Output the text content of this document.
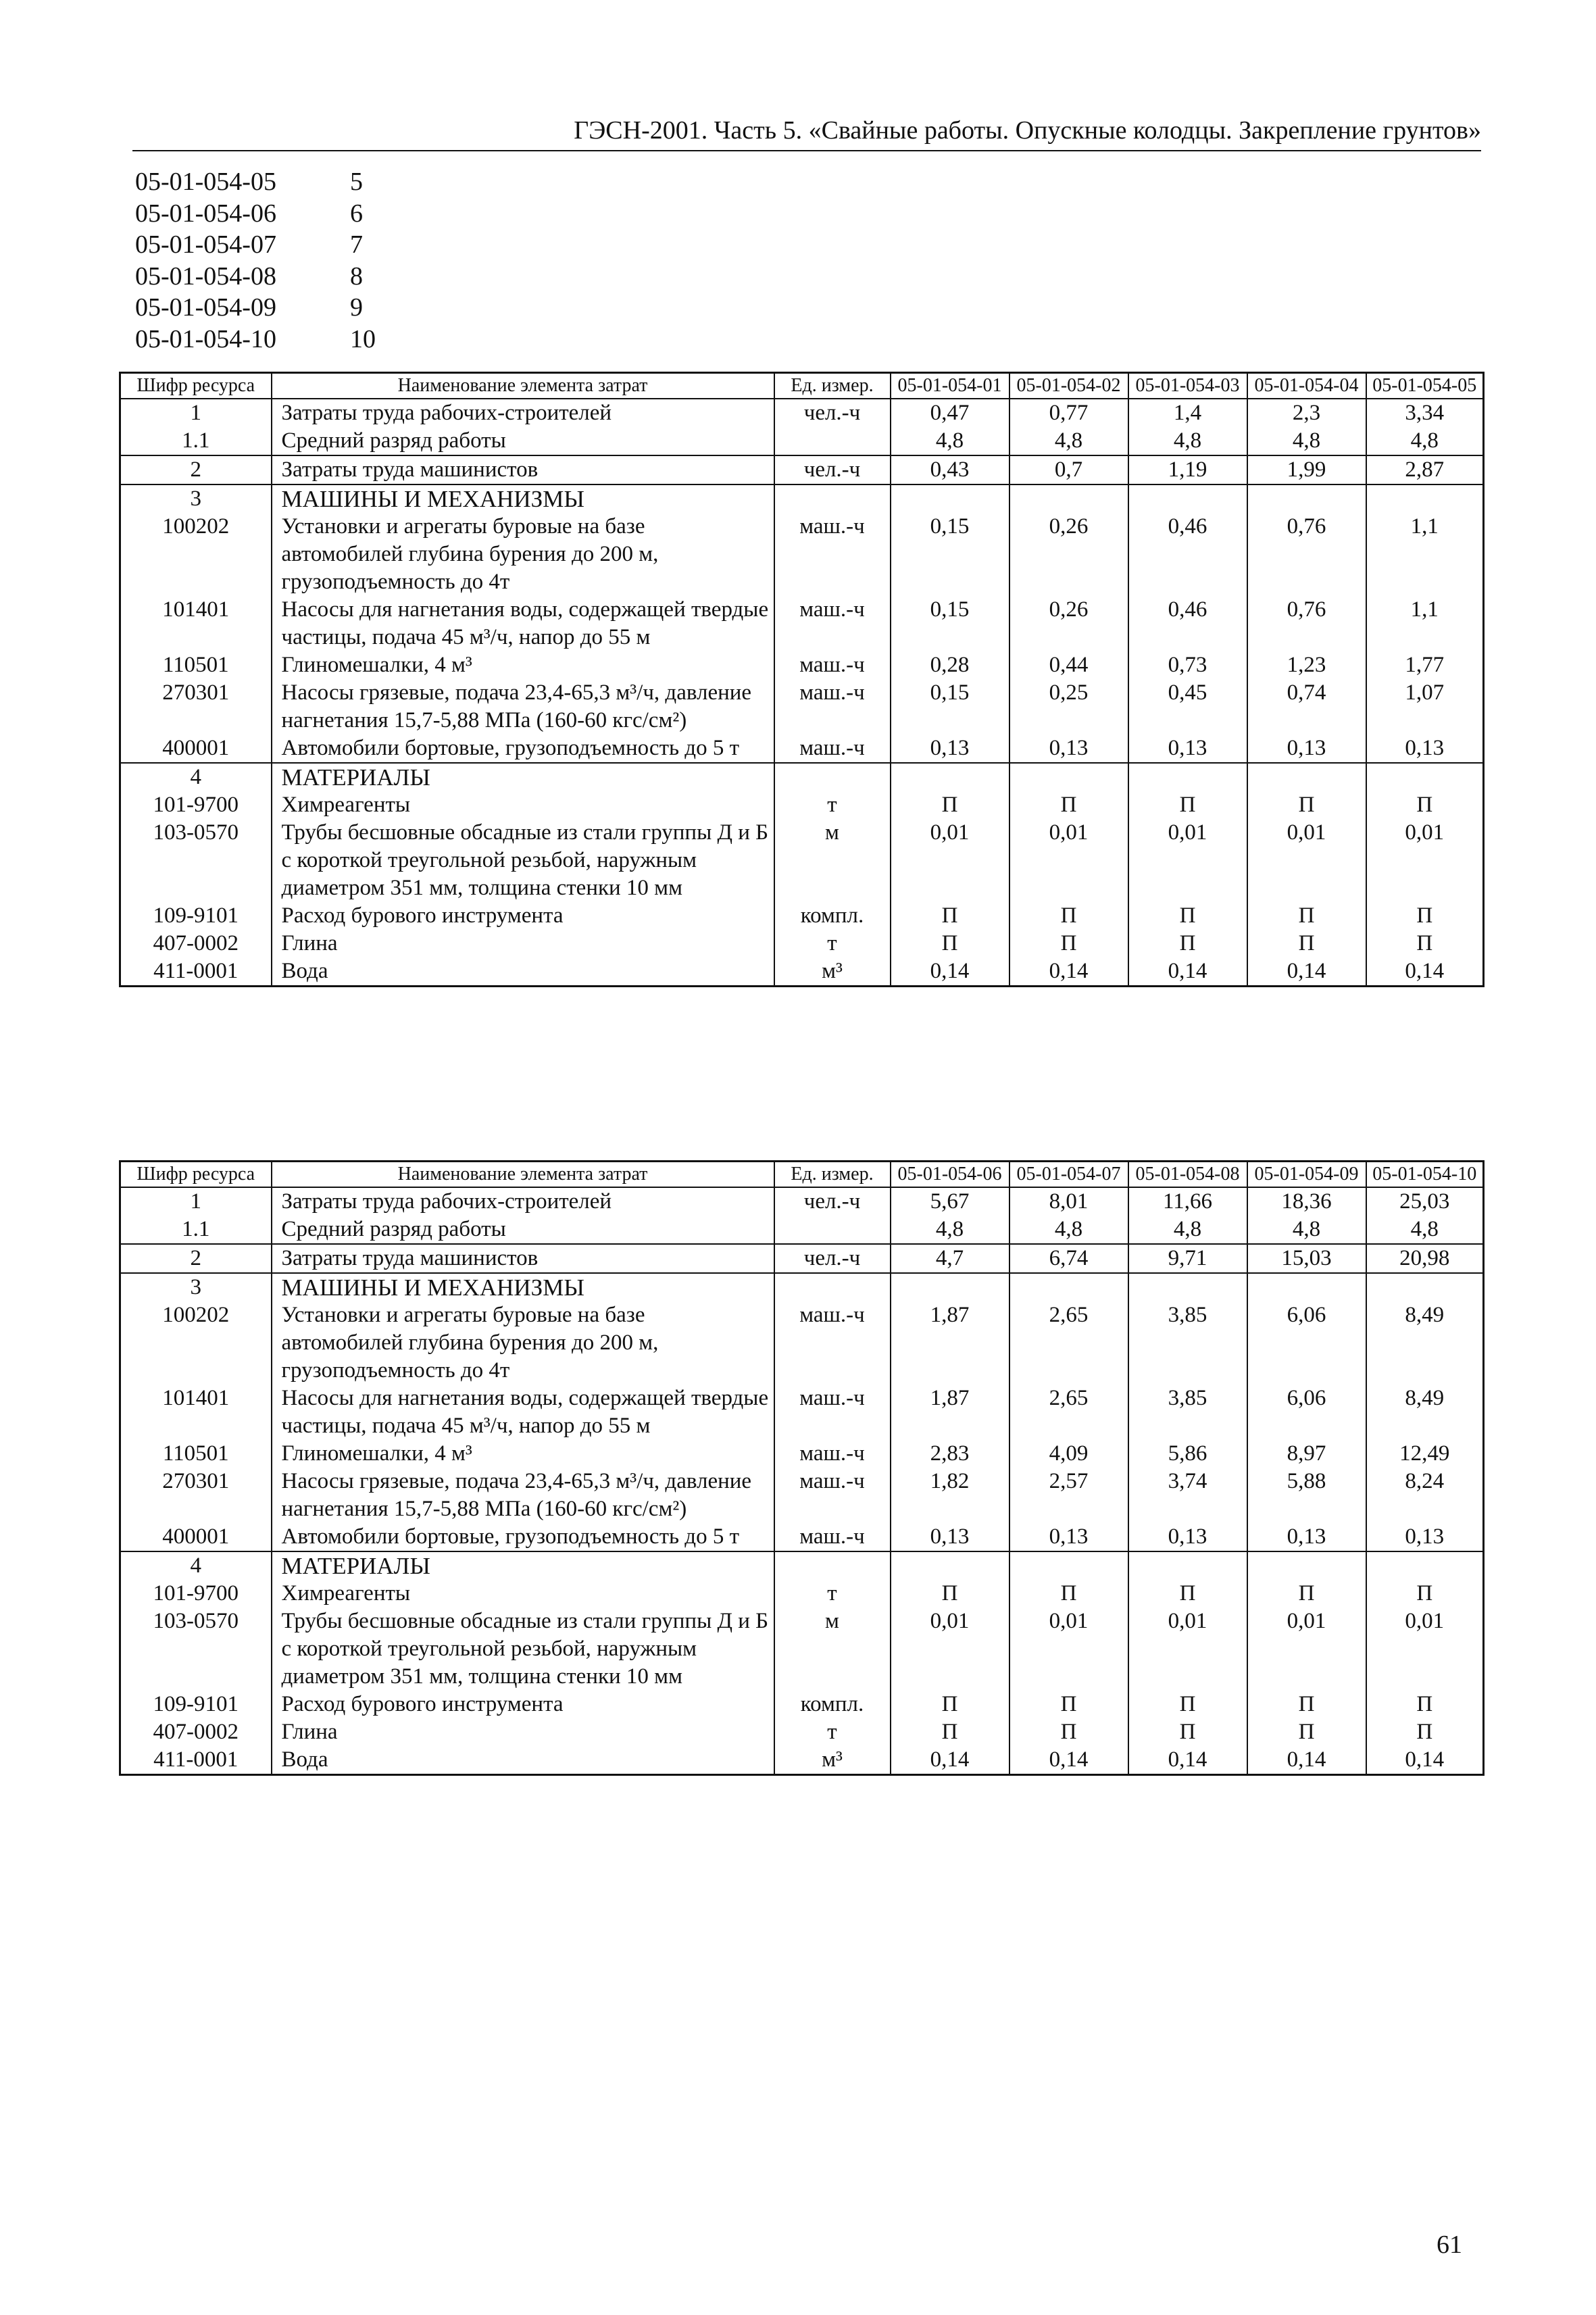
ГЭСН-2001. Часть 5. «Свайные работы. Опускные колодцы. Закрепление грунтов»
05-01-054-05	5
05-01-054-06	6
05-01-054-07	7
05-01-054-08	8
05-01-054-09	9
05-01-054-10	10
Шифр ресурса	Наименование элемента затрат	Ед. измер.	05-01-054-01	05-01-054-02	05-01-054-03	05-01-054-04	05-01-054-05
1	Затраты труда рабочих-строителей	чел.-ч	0,47	0,77	1,4	2,3	3,34
1.1	Средний разряд работы		4,8	4,8	4,8	4,8	4,8
2	Затраты труда машинистов	чел.-ч	0,43	0,7	1,19	1,99	2,87
3	МАШИНЫ И МЕХАНИЗМЫ						
100202	Установки и агрегаты буровые на базе автомобилей глубина бурения до 200 м, грузоподъемность до 4т	маш.-ч	0,15	0,26	0,46	0,76	1,1
101401	Насосы для нагнетания воды, содержащей твердые частицы, подача 45 м³/ч, напор до 55 м	маш.-ч	0,15	0,26	0,46	0,76	1,1
110501	Глиномешалки, 4 м³	маш.-ч	0,28	0,44	0,73	1,23	1,77
270301	Насосы грязевые, подача 23,4-65,3 м³/ч, давление нагнетания 15,7-5,88 МПа (160-60 кгс/см²)	маш.-ч	0,15	0,25	0,45	0,74	1,07
400001	Автомобили бортовые, грузоподъемность до 5 т	маш.-ч	0,13	0,13	0,13	0,13	0,13
4	МАТЕРИАЛЫ						
101-9700	Химреагенты	т	П	П	П	П	П
103-0570	Трубы бесшовные обсадные из стали группы Д и Б с короткой треугольной резьбой, наружным диаметром 351 мм, толщина стенки 10 мм	м	0,01	0,01	0,01	0,01	0,01
109-9101	Расход бурового инструмента	компл.	П	П	П	П	П
407-0002	Глина	т	П	П	П	П	П
411-0001	Вода	м³	0,14	0,14	0,14	0,14	0,14
Шифр ресурса	Наименование элемента затрат	Ед. измер.	05-01-054-06	05-01-054-07	05-01-054-08	05-01-054-09	05-01-054-10
1	Затраты труда рабочих-строителей	чел.-ч	5,67	8,01	11,66	18,36	25,03
1.1	Средний разряд работы		4,8	4,8	4,8	4,8	4,8
2	Затраты труда машинистов	чел.-ч	4,7	6,74	9,71	15,03	20,98
3	МАШИНЫ И МЕХАНИЗМЫ						
100202	Установки и агрегаты буровые на базе автомобилей глубина бурения до 200 м, грузоподъемность до 4т	маш.-ч	1,87	2,65	3,85	6,06	8,49
101401	Насосы для нагнетания воды, содержащей твердые частицы, подача 45 м³/ч, напор до 55 м	маш.-ч	1,87	2,65	3,85	6,06	8,49
110501	Глиномешалки, 4 м³	маш.-ч	2,83	4,09	5,86	8,97	12,49
270301	Насосы грязевые, подача 23,4-65,3 м³/ч, давление нагнетания 15,7-5,88 МПа (160-60 кгс/см²)	маш.-ч	1,82	2,57	3,74	5,88	8,24
400001	Автомобили бортовые, грузоподъемность до 5 т	маш.-ч	0,13	0,13	0,13	0,13	0,13
4	МАТЕРИАЛЫ						
101-9700	Химреагенты	т	П	П	П	П	П
103-0570	Трубы бесшовные обсадные из стали группы Д и Б с короткой треугольной резьбой, наружным диаметром 351 мм, толщина стенки 10 мм	м	0,01	0,01	0,01	0,01	0,01
109-9101	Расход бурового инструмента	компл.	П	П	П	П	П
407-0002	Глина	т	П	П	П	П	П
411-0001	Вода	м³	0,14	0,14	0,14	0,14	0,14
61
